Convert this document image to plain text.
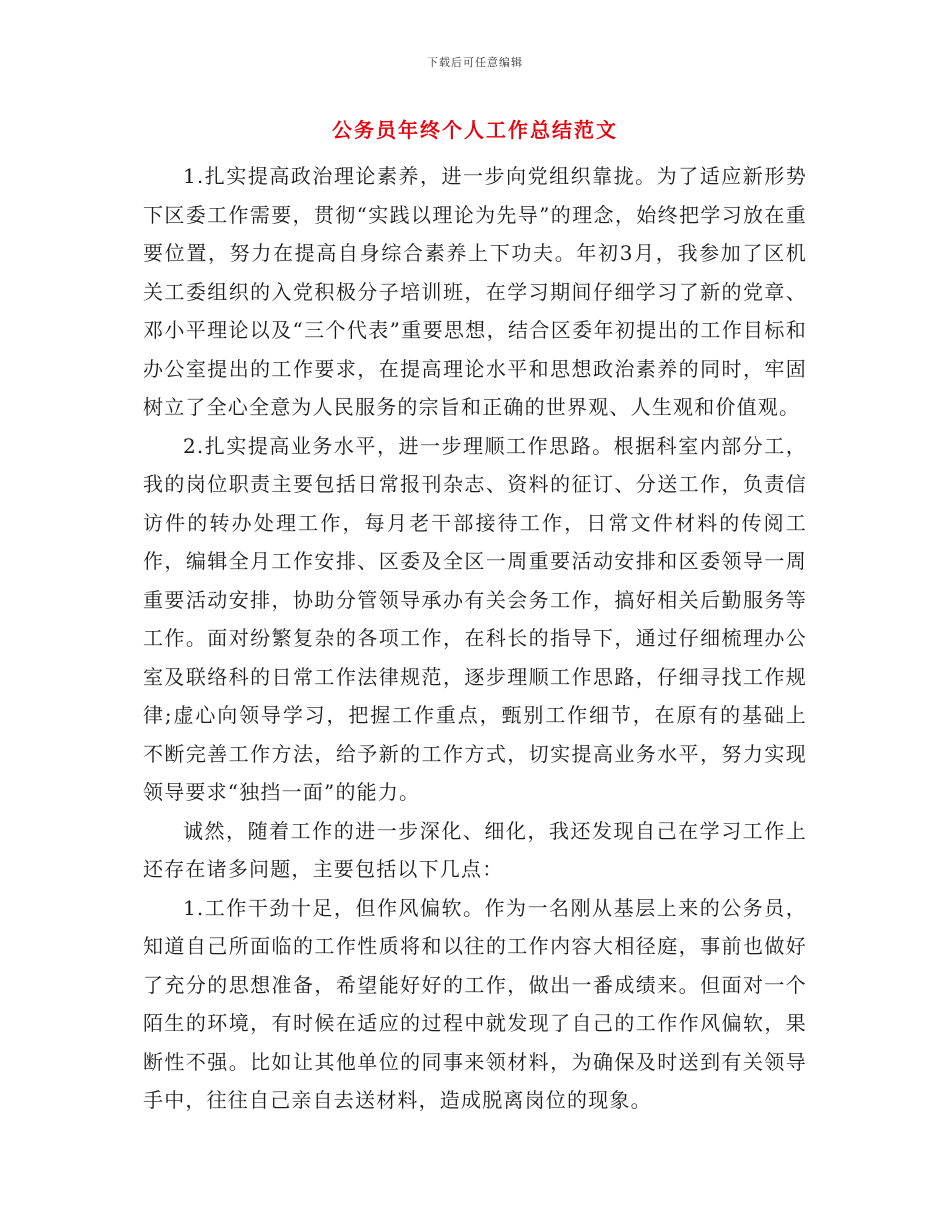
下载后可任意编辑
公务员年终个人工作总结范文

1.扎实提高政治理论素养，进一步向党组织靠拢。为了适应新形势下区委工作需要，贯彻“实践以理论为先导”的理念，始终把学习放在重要位置，努力在提高自身综合素养上下功夫。年初3月，我参加了区机关工委组织的入党积极分子培训班，在学习期间仔细学习了新的党章、邓小平理论以及“三个代表”重要思想，结合区委年初提出的工作目标和办公室提出的工作要求，在提高理论水平和思想政治素养的同时，牢固树立了全心全意为人民服务的宗旨和正确的世界观、人生观和价值观。

2.扎实提高业务水平，进一步理顺工作思路。根据科室内部分工，我的岗位职责主要包括日常报刊杂志、资料的征订、分送工作，负责信访件的转办处理工作，每月老干部接待工作，日常文件材料的传阅工作，编辑全月工作安排、区委及全区一周重要活动安排和区委领导一周重要活动安排，协助分管领导承办有关会务工作，搞好相关后勤服务等工作。面对纷繁复杂的各项工作，在科长的指导下，通过仔细梳理办公室及联络科的日常工作法律规范，逐步理顺工作思路，仔细寻找工作规律;虚心向领导学习，把握工作重点，甄别工作细节，在原有的基础上不断完善工作方法，给予新的工作方式，切实提高业务水平，努力实现领导要求“独挡一面”的能力。

诚然，随着工作的进一步深化、细化，我还发现自己在学习工作上还存在诸多问题，主要包括以下几点：

1.工作干劲十足，但作风偏软。作为一名刚从基层上来的公务员，知道自己所面临的工作性质将和以往的工作内容大相径庭，事前也做好了充分的思想准备，希望能好好的工作，做出一番成绩来。但面对一个陌生的环境，有时候在适应的过程中就发现了自己的工作作风偏软，果断性不强。比如让其他单位的同事来领材料，为确保及时送到有关领导手中，往往自己亲自去送材料，造成脱离岗位的现象。
